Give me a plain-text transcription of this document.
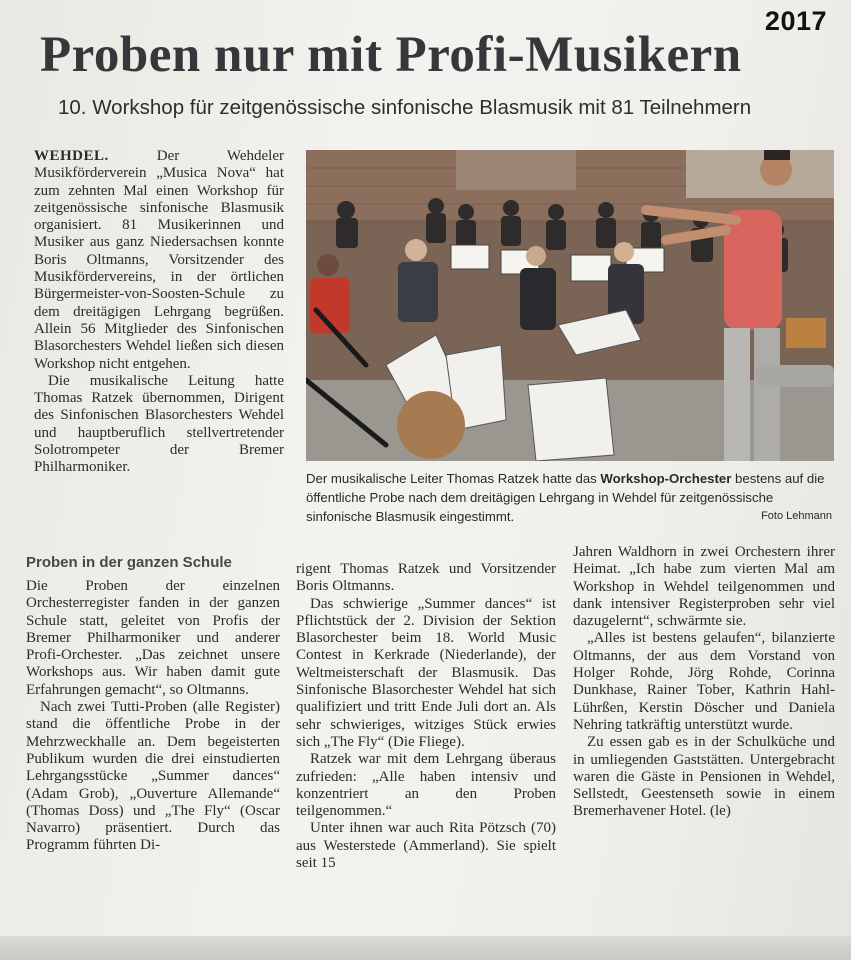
2017
Proben nur mit Profi-Musikern
10. Workshop für zeitgenössische sinfonische Blasmusik mit 81 Teilnehmern

WEHDEL.	Der Wehdeler Musikförderverein „Musica Nova“ hat zum zehnten Mal einen Workshop für zeitgenössische sinfonische Blasmusik organisiert. 81 Musikerinnen und Musiker aus ganz Niedersachsen konnte Boris Oltmanns, Vorsitzender des Musikfördervereins, in der örtlichen Bürgermeister-von-Soosten-Schule zu dem dreitägigen Lehrgang begrüßen. Allein 56 Mitglieder des Sinfonischen Blasorchesters Wehdel ließen sich diesen Workshop nicht entgehen.

Die musikalische Leitung hatte Thomas Ratzek übernommen, Dirigent des Sinfonischen Blasorchesters Wehdel und hauptberuflich stellvertretender Solotrompeter der Bremer Philharmoniker.

Der musikalische Leiter Thomas Ratzek hatte das Workshop-Orchester bestens auf die öffentliche Probe nach dem dreitägigen Lehrgang in Wehdel für zeitgenössische sinfonische Blasmusik eingestimmt.	Foto Lehmann
Proben in der ganzen Schule

Die Proben der einzelnen Orchesterregister fanden in der ganzen Schule statt, geleitet von Profis der Bremer Philharmoniker und anderer Profi-Orchester. „Das zeichnet unsere Workshops aus. Wir haben damit gute Erfahrungen gemacht“, so Oltmanns.

Nach zwei Tutti-Proben (alle Register) stand die öffentliche Probe in der Mehrzweckhalle an. Dem begeisterten Publikum wurden die drei einstudierten Lehrgangsstücke „Summer dances“ (Adam Grob), „Ouverture Allemande“ (Thomas Doss) und „The Fly“ (Oscar Navarro) präsentiert. Durch das Programm führten Di-

rigent Thomas Ratzek und Vorsitzender Boris Oltmanns.

Das schwierige „Summer dances“ ist Pflichtstück der 2. Division der Sektion Blasorchester beim 18. World Music Contest in Kerkrade (Niederlande), der Weltmeisterschaft der Blasmusik. Das Sinfonische Blasorchester Wehdel hat sich qualifiziert und tritt Ende Juli dort an. Als sehr schwieriges, witziges Stück erwies sich „The Fly“ (Die Fliege).

Ratzek war mit dem Lehrgang überaus zufrieden: „Alle haben intensiv und konzentriert an den Proben teilgenommen.“

Unter ihnen war auch Rita Pötzsch (70) aus Westerstede (Ammerland). Sie spielt seit 15

Jahren Waldhorn in zwei Orchestern ihrer Heimat. „Ich habe zum vierten Mal am Workshop in Wehdel teilgenommen und dank intensiver Registerproben sehr viel dazugelernt“, schwärmte sie.

„Alles ist bestens gelaufen“, bilanzierte Oltmanns, der aus dem Vorstand von Holger Rohde, Jörg Rohde, Corinna Dunkhase, Rainer Tober, Kathrin Hahl-Lührßen, Kerstin Döscher und Daniela Nehring tatkräftig unterstützt wurde.

Zu essen gab es in der Schulküche und in umliegenden Gaststätten. Untergebracht waren die Gäste in Pensionen in Wehdel, Sellstedt, Geestenseth sowie in einem Bremerhavener Hotel. (le)
